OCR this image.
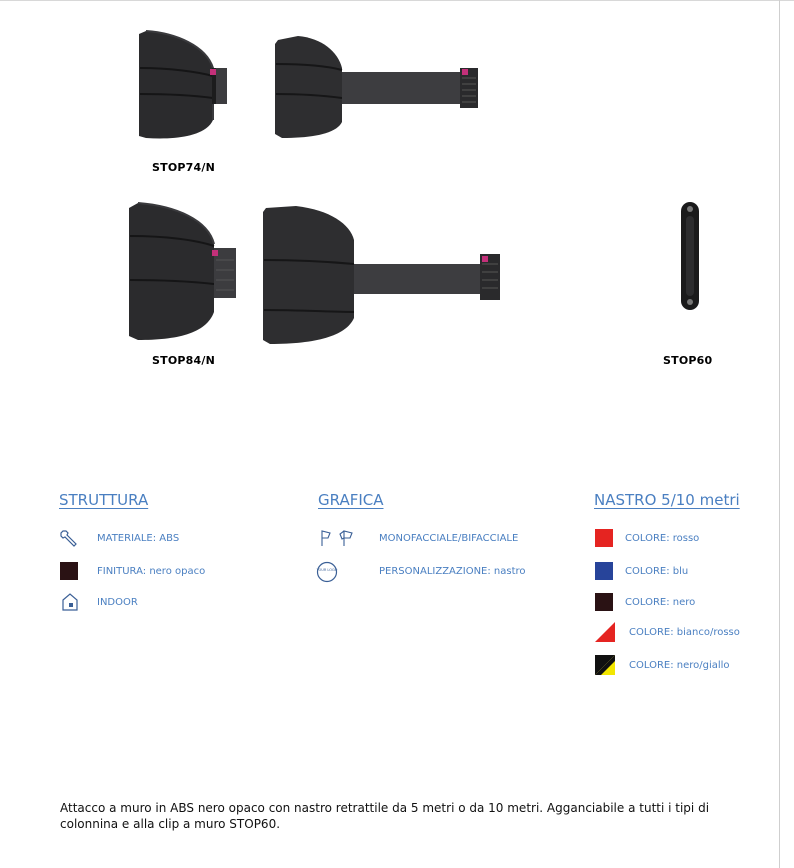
STOP74/N
STOP84/N	STOP60
STRUTTURA
MATERIALE: ABS
FINITURA: nero opaco
INDOOR
GRAFICA
MONOFACCIALE/BIFACCIALE
YOUR LOGO	PERSONALIZZAZIONE: nastro
NASTRO 5/10 metri
COLORE: rosso
COLORE: blu
COLORE: nero
COLORE: bianco/rosso
COLORE: nero/giallo
Attacco a muro in ABS nero opaco con nastro retrattile da 5 metri o da 10 metri. Agganciabile a tutti i tipi di colonnina e alla clip a muro STOP60.
